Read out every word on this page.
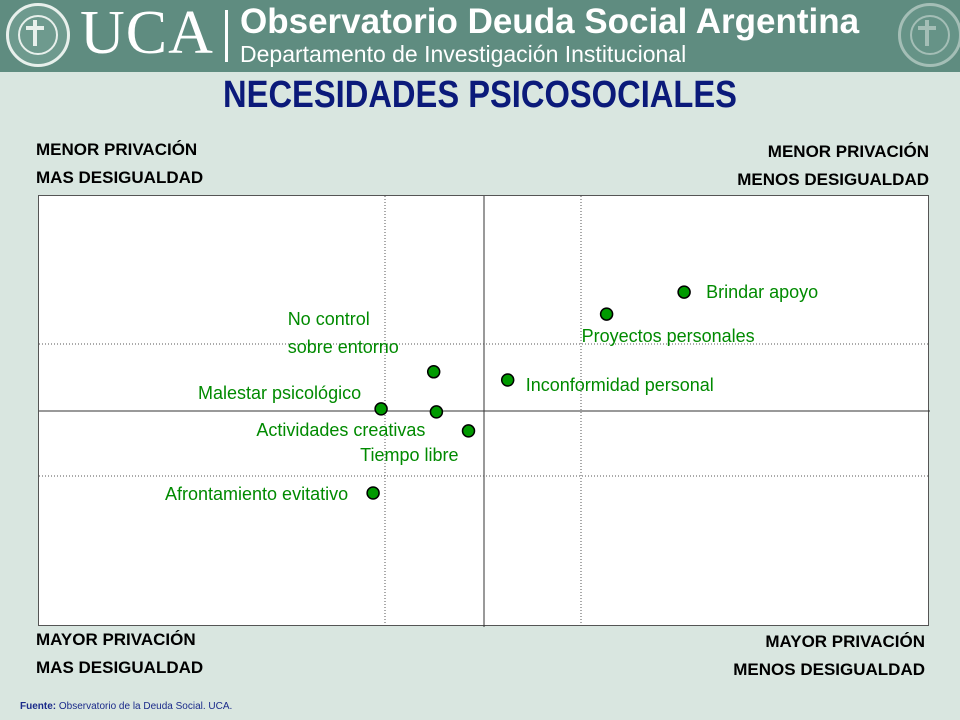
UCA Observatorio Deuda Social Argentina
Departamento de Investigación Institucional
NECESIDADES PSICOSOCIALES
MENOR PRIVACIÓN
MAS DESIGUALDAD
MENOR PRIVACIÓN
MENOS DESIGUALDAD
MAYOR PRIVACIÓN
MAS DESIGUALDAD
MAYOR PRIVACIÓN
MENOS DESIGUALDAD
Brindar apoyo
Proyectos personales
Inconformidad personal
No control sobre entorno
Malestar psicológico
Actividades creativas
Tiempo libre
Afrontamiento evitativo
Fuente: Observatorio de la Deuda Social. UCA.
